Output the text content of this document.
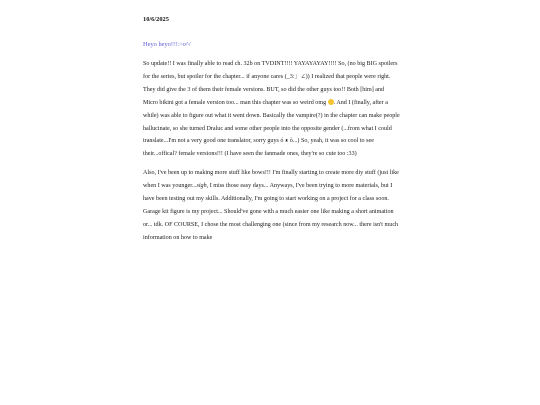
10/6/2025

Heyo heyo!!!:>o^/

So update!! I was finally able to read ch. 32b on TVDINT!!!! YAYAYAYAY!!!! So, (no big BIG spoilers for the series, but spoiler for the chapter... if anyone cares (_3:」∠)) I realized that people were right. They did give the 3 of them their female versions. BUT, so did the other guys too!! Both [him] and Micro bikini got a female version too... man this chapter was so weird omg . And I (finally, after a while) was able to figure out what it went down. Basically the vampire(?) in the chapter can make people hallucinate, so she turned Draluc and some other people into the opposite gender (...from what I could translate...I'm not a very good one translator, sorry guys ó ᴥ ò...) So, yeah, it was so cool to see their...offical? female versions!!! (I have seen the fanmade ones, they're so cute too :33)

Also, I've been up to making more stuff like bows!!! I'm finally starting to create more diy stuff (just like when I was younger...sigh, I miss those easy days... Anyways, I've been trying to more materials, but I have been testing out my skills. Additionally, I'm going to start working on a project for a class soon. Garage kit figure is my project... Should've gone with a much easier one like making a short animation or... idk. OF COURSE, I chose the most challenging one (since from my research now... there isn't much information on how to make
